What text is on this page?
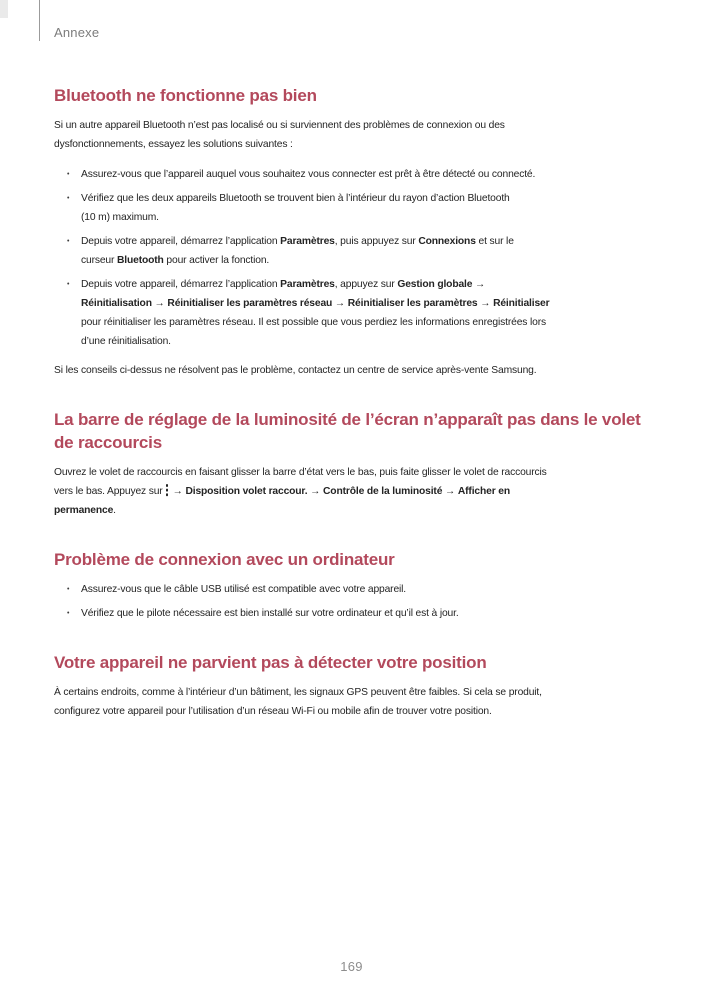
Annexe
Bluetooth ne fonctionne pas bien

Si un autre appareil Bluetooth n’est pas localisé ou si surviennent des problèmes de connexion ou des
dysfonctionnements, essayez les solutions suivantes :

• Assurez-vous que l’appareil auquel vous souhaitez vous connecter est prêt à être détecté ou connecté.
• Vérifiez que les deux appareils Bluetooth se trouvent bien à l’intérieur du rayon d’action Bluetooth
(10 m) maximum.
• Depuis votre appareil, démarrez l’application Paramètres, puis appuyez sur Connexions et sur le
curseur Bluetooth pour activer la fonction.
• Depuis votre appareil, démarrez l’application Paramètres, appuyez sur Gestion globale →
Réinitialisation → Réinitialiser les paramètres réseau → Réinitialiser les paramètres → Réinitialiser
pour réinitialiser les paramètres réseau. Il est possible que vous perdiez les informations enregistrées lors
d’une réinitialisation.

Si les conseils ci-dessus ne résolvent pas le problème, contactez un centre de service après-vente Samsung.

La barre de réglage de la luminosité de l’écran n’apparaît pas dans le volet de raccourcis

Ouvrez le volet de raccourcis en faisant glisser la barre d’état vers le bas, puis faite glisser le volet de raccourcis
vers le bas. Appuyez sur → Disposition volet raccour. → Contrôle de la luminosité → Afficher en
permanence.

Problème de connexion avec un ordinateur
• Assurez-vous que le câble USB utilisé est compatible avec votre appareil.
• Vérifiez que le pilote nécessaire est bien installé sur votre ordinateur et qu’il est à jour.
Votre appareil ne parvient pas à détecter votre position

À certains endroits, comme à l’intérieur d’un bâtiment, les signaux GPS peuvent être faibles. Si cela se produit,
configurez votre appareil pour l’utilisation d’un réseau Wi-Fi ou mobile afin de trouver votre position.

169
